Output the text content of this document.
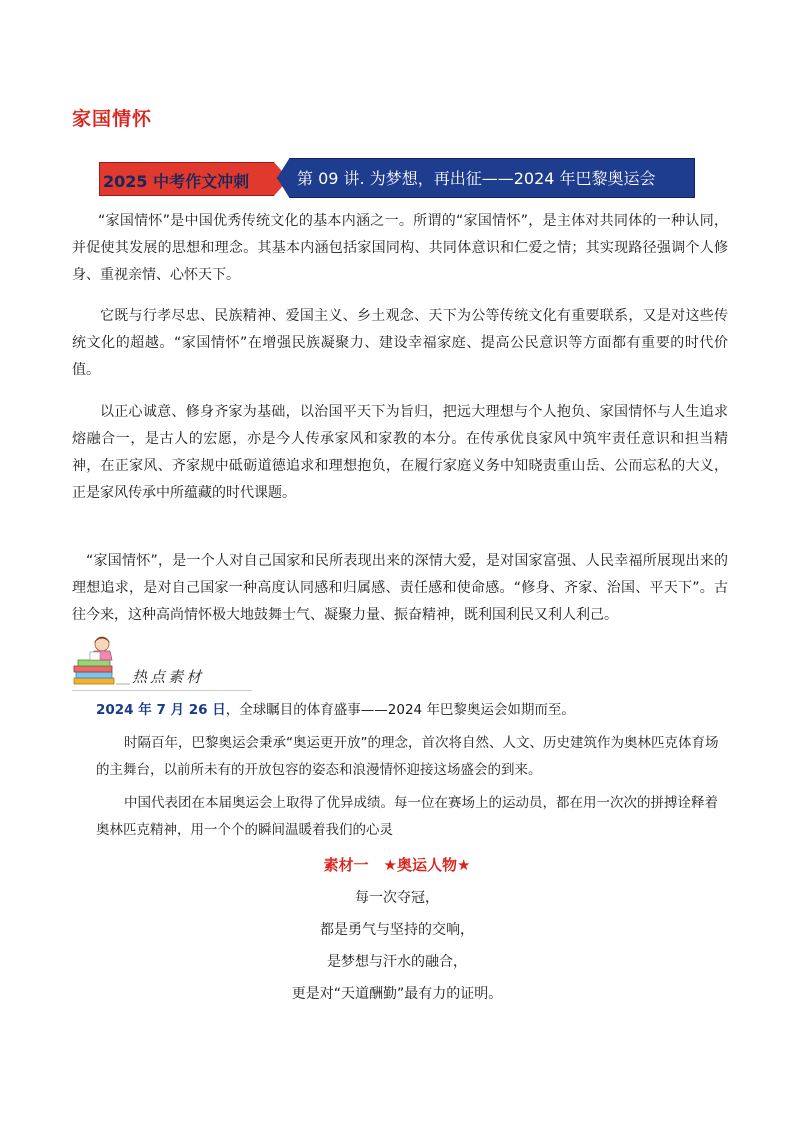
家国情怀
2025 中考作文冲刺	第 09 讲. 为梦想，再出征——2024 年巴黎奥运会

“家国情怀”是中国优秀传统文化的基本内涵之一。所谓的“家国情怀”，是主体对共同体的一种认同，并促使其发展的思想和理念。其基本内涵包括家国同构、共同体意识和仁爱之情；其实现路径强调个人修身、重视亲情、心怀天下。

它既与行孝尽忠、民族精神、爱国主义、乡土观念、天下为公等传统文化有重要联系，又是对这些传统文化的超越。“家国情怀”在增强民族凝聚力、建设幸福家庭、提高公民意识等方面都有重要的时代价值。

以正心诚意、修身齐家为基础，以治国平天下为旨归，把远大理想与个人抱负、家国情怀与人生追求熔融合一，是古人的宏愿，亦是今人传承家风和家教的本分。在传承优良家风中筑牢责任意识和担当精神，在正家风、齐家规中砥砺道德追求和理想抱负，在履行家庭义务中知晓责重山岳、公而忘私的大义，正是家风传承中所蕴藏的时代课题。

“家国情怀”，是一个人对自己国家和民所表现出来的深情大爱，是对国家富强、人民幸福所展现出来的理想追求，是对自己国家一种高度认同感和归属感、责任感和使命感。“修身、齐家、治国、平天下”。古往今来，这种高尚情怀极大地鼓舞士气、凝聚力量、振奋精神，既利国利民又利人利己。

热点素材

2024 年 7 月 26 日，全球瞩目的体育盛事——2024 年巴黎奥运会如期而至。

时隔百年，巴黎奥运会秉承“奥运更开放”的理念，首次将自然、人文、历史建筑作为奥林匹克体育场的主舞台，以前所未有的开放包容的姿态和浪漫情怀迎接这场盛会的到来。

中国代表团在本届奥运会上取得了优异成绩。每一位在赛场上的运动员，都在用一次次的拼搏诠释着奥林匹克精神，用一个个的瞬间温暖着我们的心灵

素材一　★奥运人物★
每一次夺冠，
都是勇气与坚持的交响，
是梦想与汗水的融合，
更是对“天道酬勤”最有力的证明。
